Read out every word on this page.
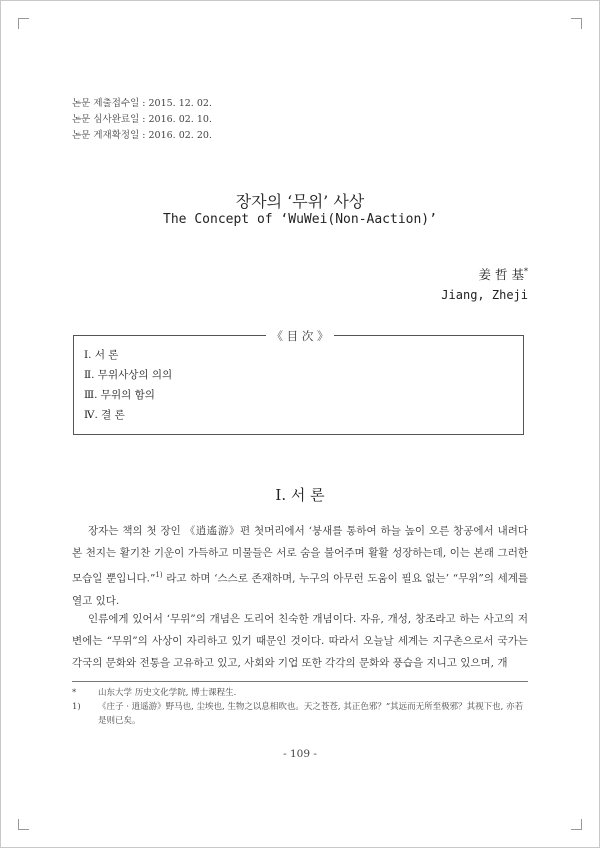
논문 제출접수일 : 2015. 12. 02.
논문 심사완료일 : 2016. 02. 10.
논문 게재확정일 : 2016. 02. 20.
장자의 ‘무위’ 사상
The Concept of ‘WuWei(Non-Aaction)’
姜 哲 基*
Jiang, Zheji
《 目 次 》
Ⅰ. 서 론
Ⅱ. 무위사상의 의의
Ⅲ. 무위의 함의
Ⅳ. 결 론
Ⅰ. 서 론
장자는 책의 첫 장인 《逍遙游》편 첫머리에서 ‘붕새를 통하여 하늘 높이 오른 창공에서 내려다 본 천지는 활기찬 기운이 가득하고 미물들은 서로 숨을 불어주며 활활 성장하는데, 이는 본래 그러한 모습일 뿐입니다.”$^{1)}$ 라고 하며 ‘스스로 존재하며, 누구의 아무런 도움이 필요 없는’ “무위”의 세계를 열고 있다.
인류에게 있어서 ‘무위”의 개념은 도리어 친숙한 개념이다. 자유, 개성, 창조라고 하는 사고의 저변에는 “무위”의 사상이 자리하고 있기 때문인 것이다. 따라서 오늘날 세계는 지구촌으로서 국가는 각국의 문화와 전통을 고유하고 있고, 사회와 기업 또한 각각의 문화와 풍습을 지니고 있으며, 개
*	山东大学 历史文化学院, 博士课程生.
1) 《庄子 · 逍遥游》野马也, 尘埃也, 生物之以息相吹也。天之苍苍, 其正色邪？”其远而无所至极邪？其视下也, 亦若是则已矣。
- 109 -
